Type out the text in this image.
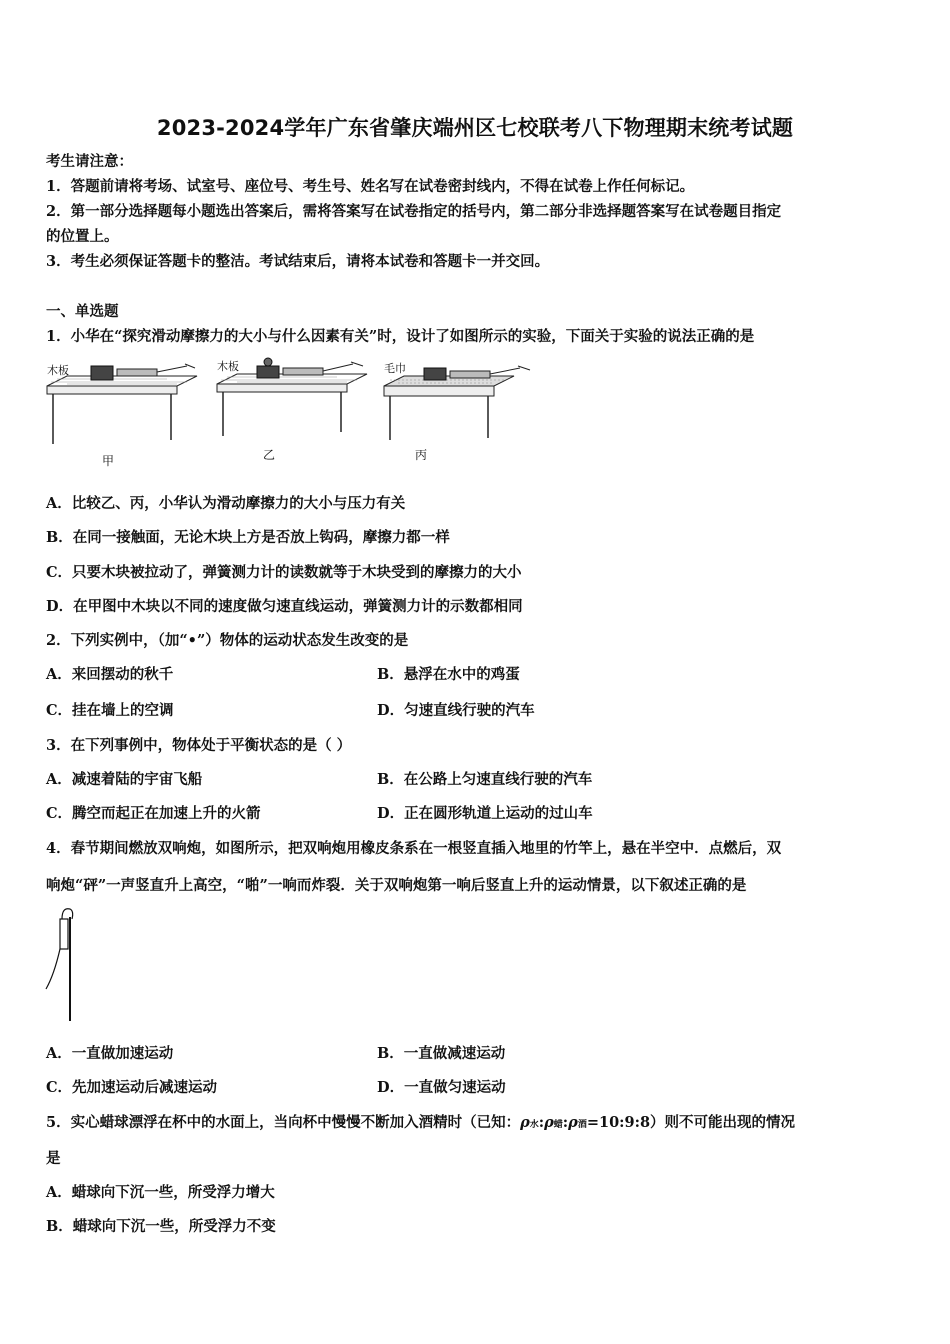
2023-2024学年广东省肇庆端州区七校联考八下物理期末统考试题
考生请注意：
1．答题前请将考场、试室号、座位号、考生号、姓名写在试卷密封线内，不得在试卷上作任何标记。
2．第一部分选择题每小题选出答案后，需将答案写在试卷指定的括号内，第二部分非选择题答案写在试卷题目指定
的位置上。
3．考生必须保证答题卡的整洁。考试结束后，请将本试卷和答题卡一并交回。
一、单选题
1．小华在“探究滑动摩擦力的大小与什么因素有关”时，设计了如图所示的实验，下面关于实验的说法正确的是
木板
甲
木板
乙
毛巾
丙
A．比较乙、丙，小华认为滑动摩擦力的大小与压力有关
B．在同一接触面，无论木块上方是否放上钩码，摩擦力都一样
C．只要木块被拉动了，弹簧测力计的读数就等于木块受到的摩擦力的大小
D．在甲图中木块以不同的速度做匀速直线运动，弹簧测力计的示数都相同
2．下列实例中，（加“•”）物体的运动状态发生改变的是
A．来回摆动的秋千	B．悬浮在水中的鸡蛋
C．挂在墙上的空调	D．匀速直线行驶的汽车
3．在下列事例中，物体处于平衡状态的是（ ）
A．减速着陆的宇宙飞船	B．在公路上匀速直线行驶的汽车
C．腾空而起正在加速上升的火箭	D．正在圆形轨道上运动的过山车
4．春节期间燃放双响炮，如图所示，把双响炮用橡皮条系在一根竖直插入地里的竹竿上，悬在半空中．点燃后，双
响炮“砰”一声竖直升上高空，“啪”一响而炸裂．关于双响炮第一响后竖直上升的运动情景，以下叙述正确的是
A．一直做加速运动	B．一直做减速运动
C．先加速运动后减速运动	D．一直做匀速运动
5．实心蜡球漂浮在杯中的水面上，当向杯中慢慢不断加入酒精时（已知：ρ水:ρ蜡:ρ酒=10:9:8）则不可能出现的情况
是
A．蜡球向下沉一些，所受浮力增大
B．蜡球向下沉一些，所受浮力不变
